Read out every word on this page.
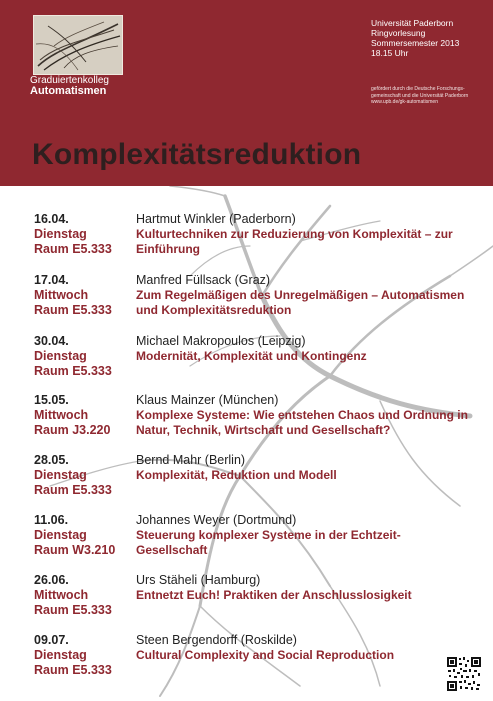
Graduiertenkolleg
Automatismen
Universität Paderborn
Ringvorlesung
Sommersemester 2013
18.15 Uhr
gefördert durch die Deutsche Forschungs-
gemeinschaft und die Universität Paderborn
www.upb.de/gk-automatismen
Komplexitätsreduktion
16.04.
Dienstag
Raum E5.333
Hartmut Winkler (Paderborn)
Kulturtechniken zur Reduzierung von Komplexität – zur Einführung
17.04.
Mittwoch
Raum E5.333
Manfred Füllsack (Graz)
Zum Regelmäßigen des Unregelmäßigen – Automatismen und Komplexitätsreduktion
30.04.
Dienstag
Raum E5.333
Michael Makropoulos (Leipzig)
Modernität, Komplexität und Kontingenz
15.05.
Mittwoch
Raum J3.220
Klaus Mainzer (München)
Komplexe Systeme: Wie entstehen Chaos und Ordnung in Natur, Technik, Wirtschaft und Gesellschaft?
28.05.
Dienstag
Raum E5.333
Bernd Mahr (Berlin)
Komplexität, Reduktion und Modell
11.06.
Dienstag
Raum W3.210
Johannes Weyer (Dortmund)
Steuerung komplexer Systeme in der Echtzeit-Gesellschaft
26.06.
Mittwoch
Raum E5.333
Urs Stäheli (Hamburg)
Entnetzt Euch! Praktiken der Anschlusslosigkeit
09.07.
Dienstag
Raum E5.333
Steen Bergendorff (Roskilde)
Cultural Complexity and Social Reproduction
